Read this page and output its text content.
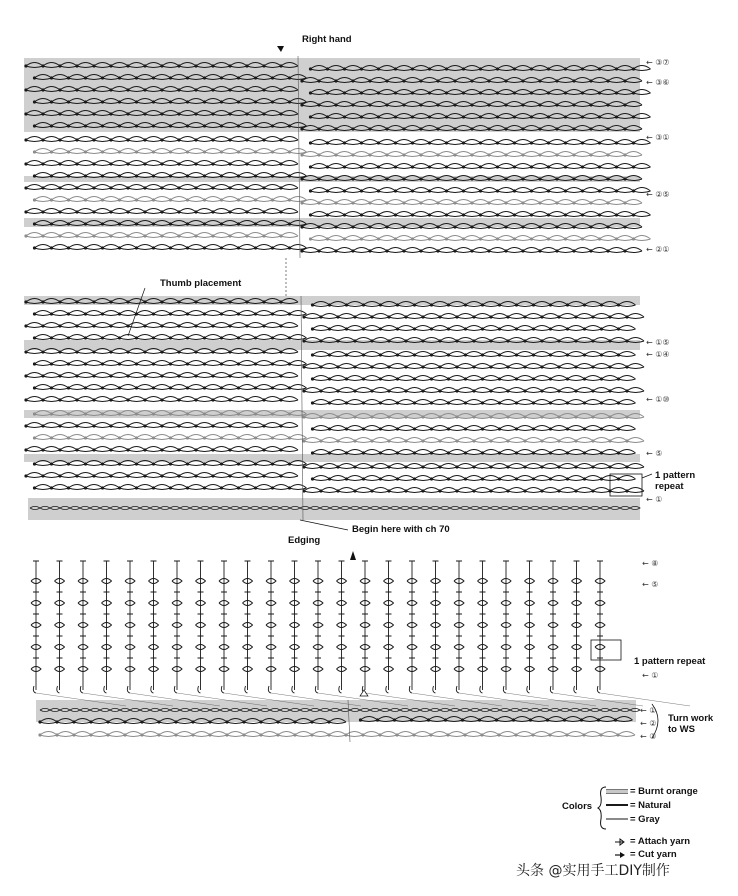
Right hand
Thumb placement
Begin here with ch 70
1 pattern
repeat
Edging
1 pattern repeat
Turn work
to WS
← ③⑦
← ③⑥
← ③①
← ②⑤
← ②①
← ①⑤
← ①④
← ①⑩
← ⑤
← ①
← ⑧
← ⑤
← ①
← ①
← ②
← ③
Colors
= Burnt orange
= Natural
= Gray
= Attach yarn
= Cut yarn
头条 @实用手工DIY制作
